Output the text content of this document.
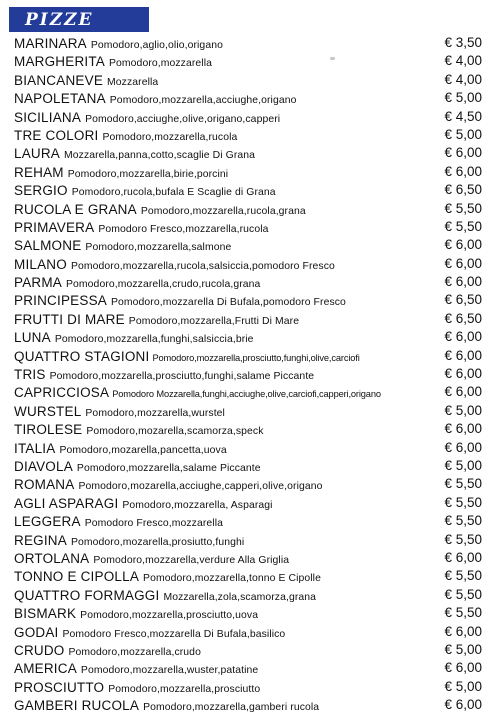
PIZZE
MARINARA Pomodoro,aglio,olio,origano	€ 3,50
MARGHERITA Pomodoro,mozzarella	€ 4,00
BIANCANEVE Mozzarella	€ 4,00
NAPOLETANA Pomodoro,mozzarella,acciughe,origano	€ 5,00
SICILIANA Pomodoro,acciughe,olive,origano,capperi	€ 4,50
TRE COLORI Pomodoro,mozzarella,rucola	€ 5,00
LAURA Mozzarella,panna,cotto,scaglie Di Grana	€ 6,00
REHAM Pomodoro,mozzarella,birie,porcini	€ 6,00
SERGIO Pomodoro,rucola,bufala E Scaglie di Grana	€ 6,50
RUCOLA E GRANA Pomodoro,mozzarella,rucola,grana	€ 5,50
PRIMAVERA Pomodoro Fresco,mozzarella,rucola	€ 5,50
SALMONE Pomodoro,mozzarella,salmone	€ 6,00
MILANO Pomodoro,mozzarella,rucola,salsiccia,pomodoro Fresco	€ 6,00
PARMA Pomodoro,mozzarella,crudo,rucola,grana	€ 6,00
PRINCIPESSA Pomodoro,mozzarella Di Bufala,pomodoro Fresco	€ 6,50
FRUTTI DI MARE Pomodoro,mozzarella,Frutti Di Mare	€ 6,50
LUNA Pomodoro,mozzarella,funghi,salsiccia,brie	€ 6,00
QUATTRO STAGIONI Pomodoro,mozzarella,prosciutto,funghi,olive,carciofi	€ 6,00
TRIS Pomodoro,mozzarella,prosciutto,funghi,salame Piccante	€ 6,00
CAPRICCIOSA Pomodoro Mozzarella,funghi,acciughe,olive,carciofi,capperi,origano	€ 6,00
WURSTEL Pomodoro,mozzarella,wurstel	€ 5,00
TIROLESE Pomodoro,mozarella,scamorza,speck	€ 6,00
ITALIA Pomodoro,mozarella,pancetta,uova	€ 6,00
DIAVOLA Pomodoro,mozzarella,salame Piccante	€ 5,00
ROMANA Pomodoro,mozarella,acciughe,capperi,olive,origano	€ 5,50
AGLI ASPARAGI Pomodoro,mozzarella, Asparagi	€ 5,50
LEGGERA Pomodoro Fresco,mozzarella	€ 5,50
REGINA Pomodoro,mozarella,prosiutto,funghi	€ 5,50
ORTOLANA Pomodoro,mozzarella,verdure Alla Griglia	€ 6,00
TONNO E CIPOLLA Pomodoro,mozzarella,tonno E Cipolle	€ 5,50
QUATTRO FORMAGGI Mozzarella,zola,scamorza,grana	€ 5,50
BISMARK Pomodoro,mozzarella,prosciutto,uova	€ 5,50
GODAI Pomodoro Fresco,mozzarella Di Bufala,basilico	€ 6,00
CRUDO Pomodoro,mozzarella,crudo	€ 5,00
AMERICA Pomodoro,mozzarella,wuster,patatine	€ 6,00
PROSCIUTTO Pomodoro,mozzarella,prosciutto	€ 5,00
GAMBERI RUCOLA Pomodoro,mozzarella,gamberi rucola	€ 6,00
